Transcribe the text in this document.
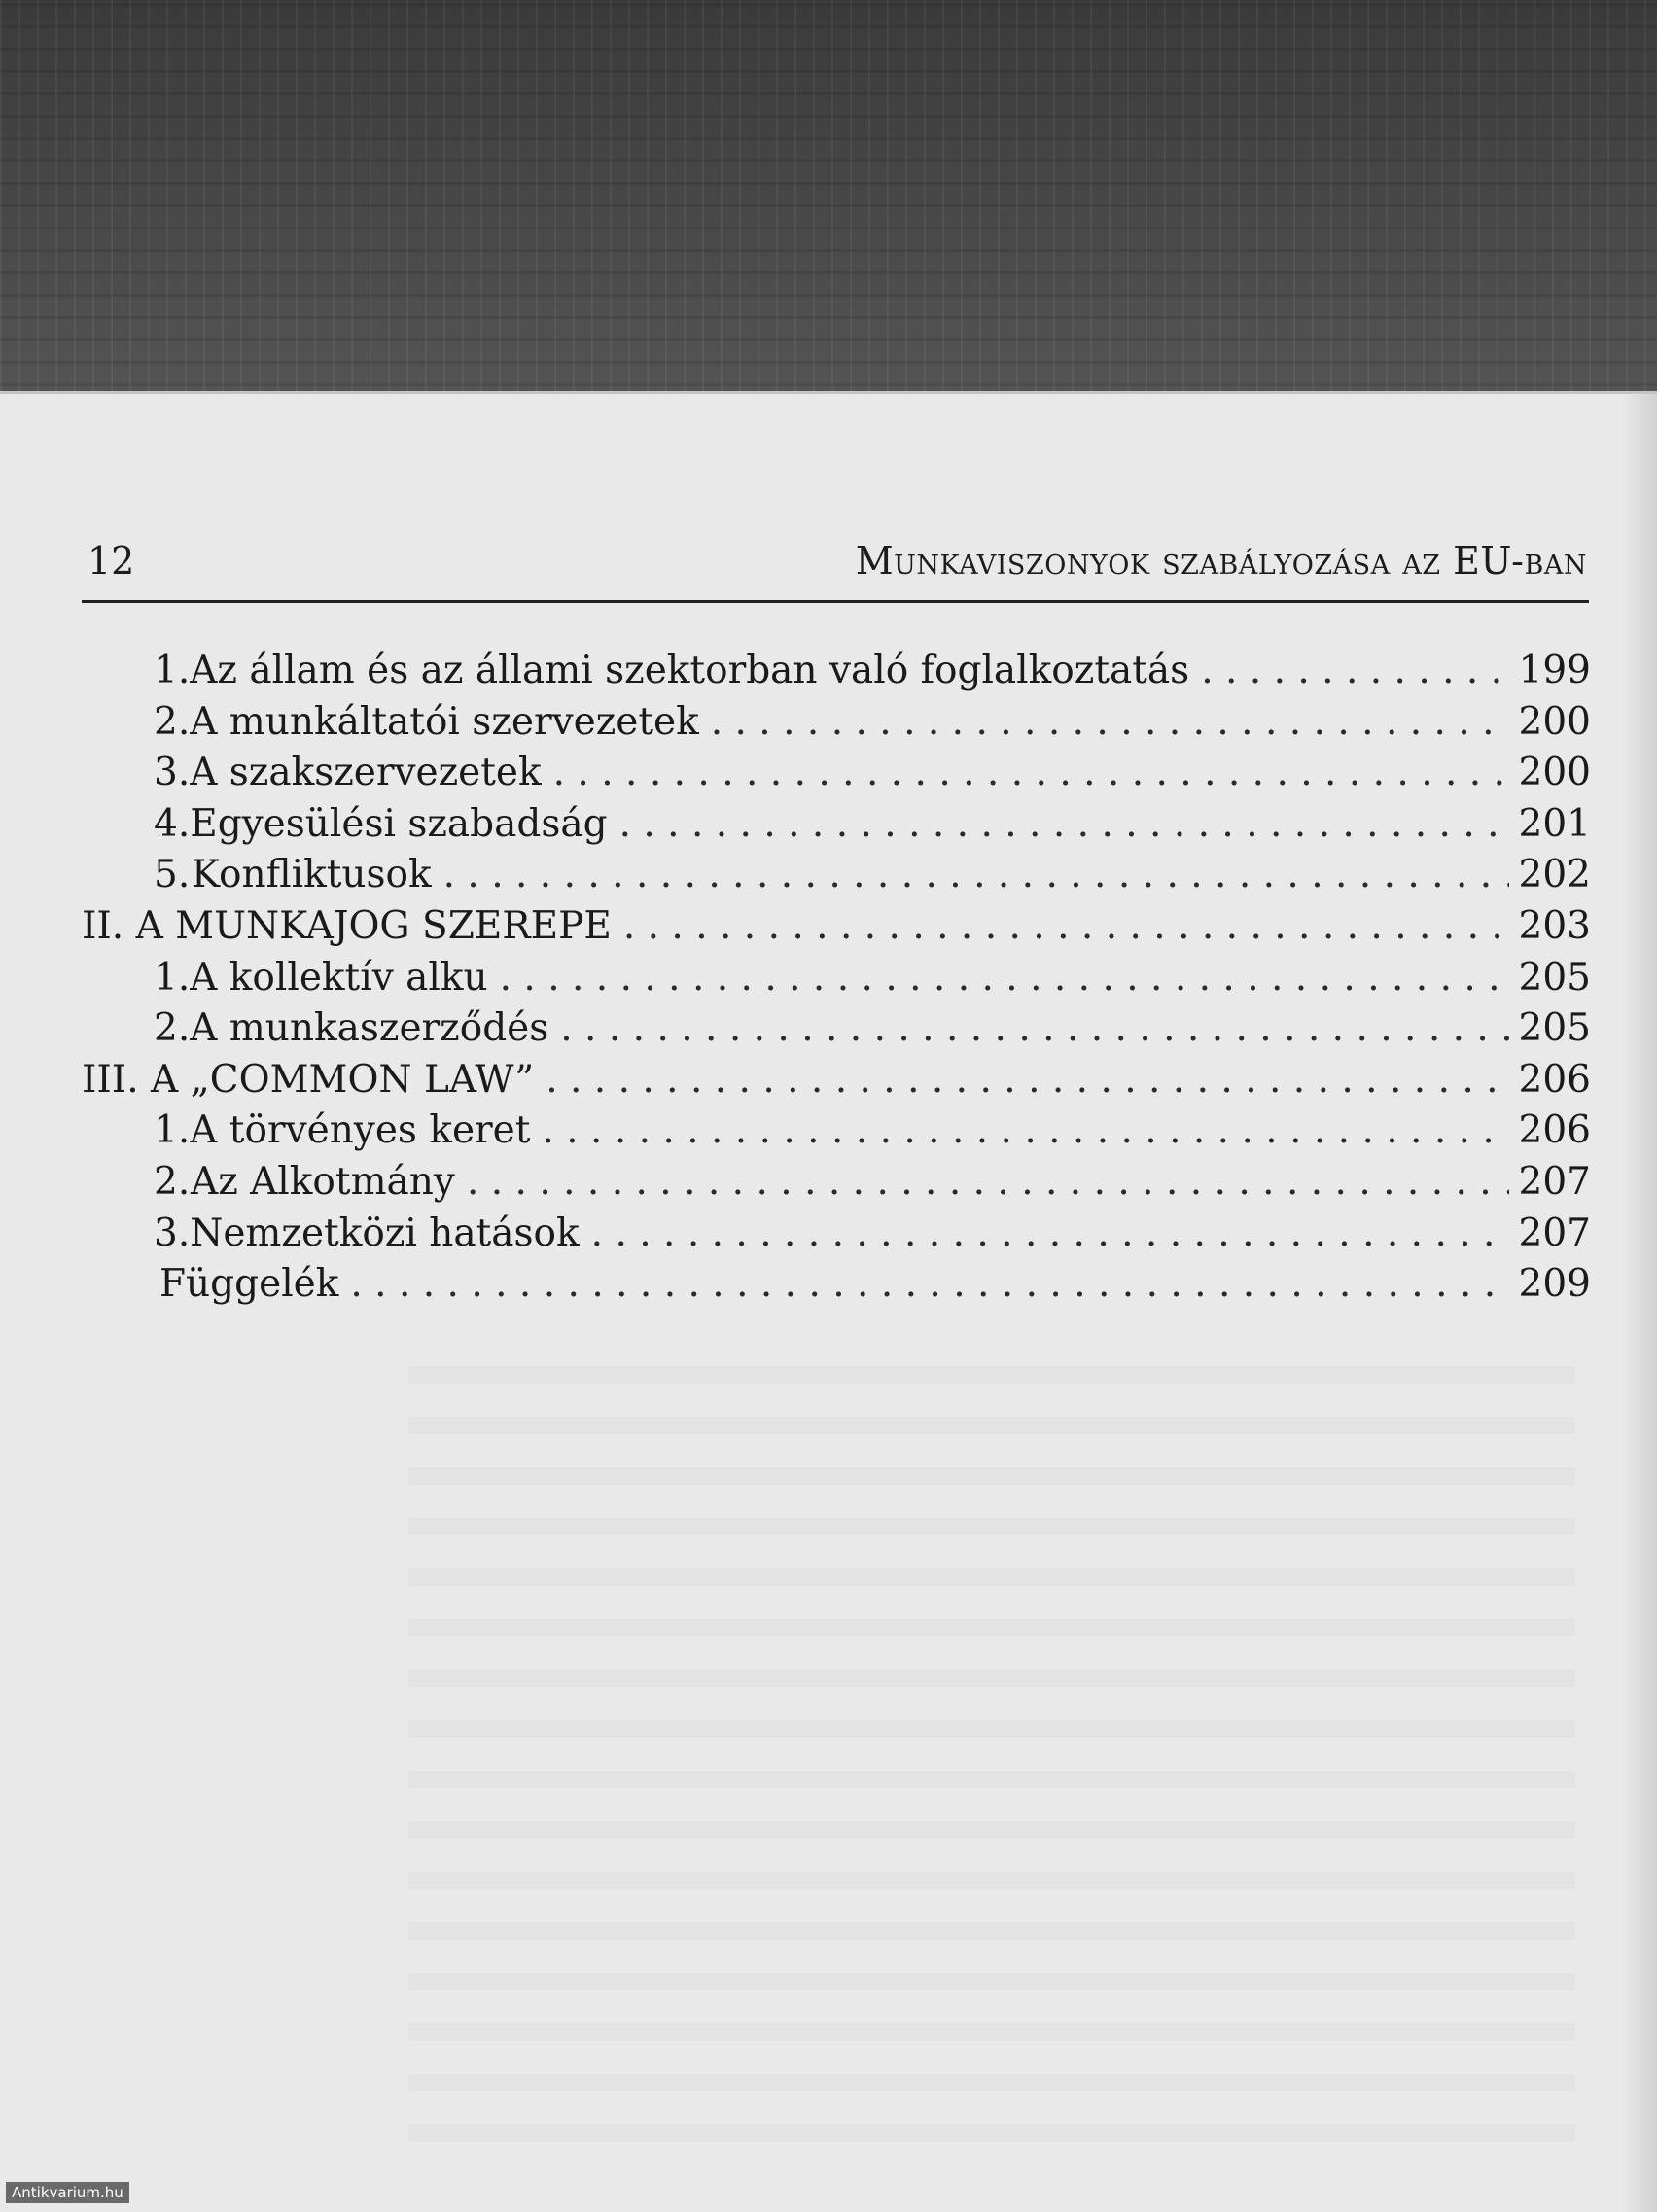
12	Munkaviszonyok szabályozása az EU-ban
1. Az állam és az állami szektorban való foglalkoztatás . . .	199
2. A munkáltatói szervezetek . . .	200
3. A szakszervezetek . . .	200
4. Egyesülési szabadság . . .	201
5. Konfliktusok . . .	202
II. A MUNKAJOG SZEREPE . . .	203
1. A kollektív alku . . .	205
2. A munkaszerződés . . .	205
III. A „COMMON LAW” . . .	206
1. A törvényes keret . . .	206
2. Az Alkotmány . . .	207
3. Nemzetközi hatások . . .	207
Függelék . . .	209
Antikvarium.hu
